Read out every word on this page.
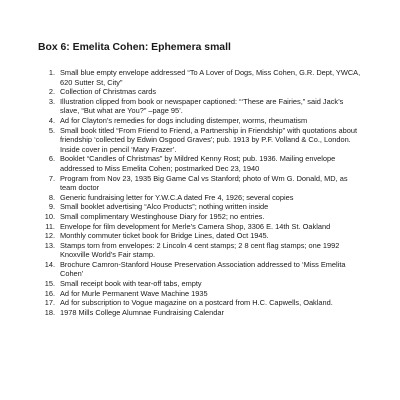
Box 6: Emelita Cohen: Ephemera small
1. Small blue empty envelope addressed “To A Lover of Dogs, Miss Cohen, G.R. Dept, YWCA, 620 Sutter St, City”
2. Collection of Christmas cards
3. Illustration clipped from book or newspaper captioned: “‘These are Fairies,” said Jack’s slave, “But what are You?” –page 95’.
4. Ad for Clayton’s remedies for dogs including distemper, worms, rheumatism
5. Small book titled “From Friend to Friend, a Partnership in Friendship” with quotations about friendship ‘collected by Edwin Osgood Graves’; pub. 1913 by P.F. Volland & Co., London. Inside cover in pencil ‘Mary Frazer’.
6. Booklet “Candles of Christmas” by Mildred Kenny Rost; pub. 1936. Mailing envelope addressed to Miss Emelita Cohen; postmarked Dec 23, 1940
7. Program from Nov 23, 1935 Big Game Cal vs Stanford; photo of Wm G. Donald, MD, as team doctor
8. Generic fundraising letter for Y.W.C.A dated Fre 4, 1926; several copies
9. Small booklet advertising “Alco Products”; nothing written inside
10. Small complimentary Westinghouse Diary for 1952; no entries.
11. Envelope for film development for Merle’s Camera Shop, 3306 E. 14th St. Oakland
12. Monthly commuter ticket book for Bridge Lines, dated Oct 1945.
13. Stamps torn from envelopes: 2 Lincoln 4 cent stamps; 2 8 cent flag stamps; one 1992 Knoxville World’s Fair stamp.
14. Brochure Camron-Stanford House Preservation Association addressed to ‘Miss Emelita Cohen’
15. Small receipt book with tear-off tabs, empty
16. Ad for Murle Permanent Wave Machine 1935
17. Ad for subscription to Vogue magazine on a postcard from H.C. Capwells, Oakland.
18. 1978 Mills College Alumnae Fundraising Calendar
